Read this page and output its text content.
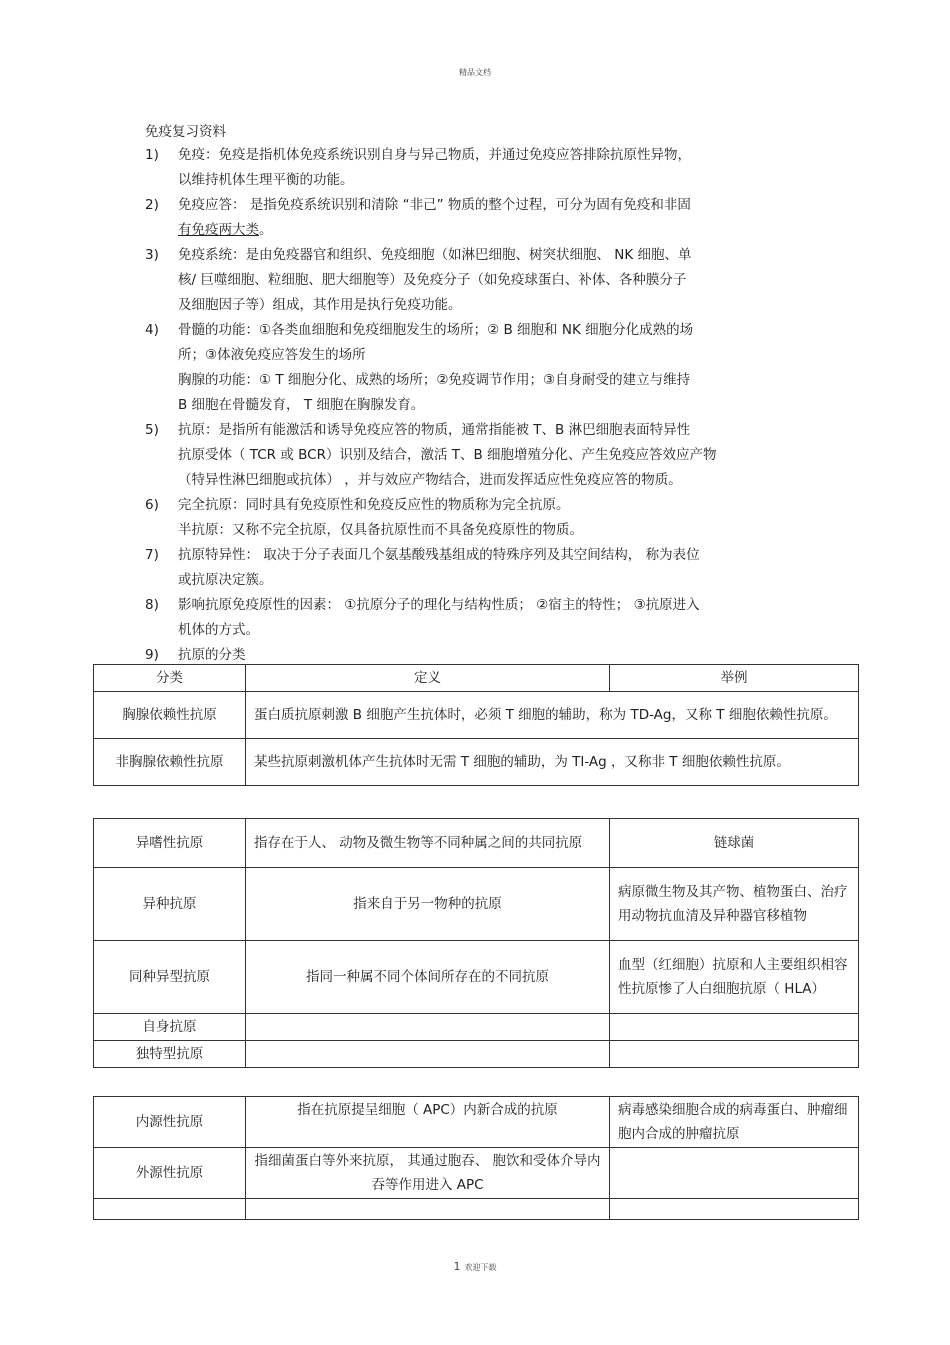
精品文档
免疫复习资料
1) 免疫：免疫是指机体免疫系统识别自身与异己物质，并通过免疫应答排除抗原性异物，

以维持机体生理平衡的功能。

2) 免疫应答： 是指免疫系统识别和清除 “非己” 物质的整个过程，可分为固有免疫和非固

有免疫两大类。

3) 免疫系统：是由免疫器官和组织、免疫细胞（如淋巴细胞、树突状细胞、 NK 细胞、单

核/ 巨噬细胞、粒细胞、肥大细胞等）及免疫分子（如免疫球蛋白、补体、各种膜分子

及细胞因子等）组成，其作用是执行免疫功能。

4) 骨髓的功能：①各类血细胞和免疫细胞发生的场所；② B 细胞和 NK 细胞分化成熟的场

所；③体液免疫应答发生的场所

胸腺的功能：① T 细胞分化、成熟的场所；②免疫调节作用；③自身耐受的建立与维持

B 细胞在骨髓发育， T 细胞在胸腺发育。

5) 抗原：是指所有能激活和诱导免疫应答的物质，通常指能被 T、B 淋巴细胞表面特异性

抗原受体（ TCR 或 BCR）识别及结合，激活 T、B 细胞增殖分化、产生免疫应答效应产物

（特异性淋巴细胞或抗体） ，并与效应产物结合，进而发挥适应性免疫应答的物质。

6) 完全抗原：同时具有免疫原性和免疫反应性的物质称为完全抗原。

半抗原：又称不完全抗原，仅具备抗原性而不具备免疫原性的物质。

7) 抗原特异性： 取决于分子表面几个氨基酸残基组成的特殊序列及其空间结构， 称为表位

或抗原决定簇。

8) 影响抗原免疫原性的因素： ①抗原分子的理化与结构性质； ②宿主的特性； ③抗原进入

机体的方式。

9) 抗原的分类

分类	定义	举例
胸腺依赖性抗原	蛋白质抗原刺激 B 细胞产生抗体时，必须 T 细胞的辅助，称为 TD-Ag，又称 T 细胞依赖性抗原。	
非胸腺依赖性抗原	某些抗原刺激机体产生抗体时无需 T 细胞的辅助，为 TI-Ag ，又称非 T 细胞依赖性抗原。	
异嗜性抗原	指存在于人、 动物及微生物等不同种属之间的共同抗原	链球菌
异种抗原	指来自于另一物种的抗原	病原微生物及其产物、植物蛋白、治疗用动物抗血清及异种器官移植物
同种异型抗原	指同一种属不同个体间所存在的不同抗原	血型（红细胞）抗原和人主要组织相容性抗原惨了人白细胞抗原（ HLA）
自身抗原		
独特型抗原		
内源性抗原	指在抗原提呈细胞（ APC）内新合成的抗原	病毒感染细胞合成的病毒蛋白、肿瘤细胞内合成的肿瘤抗原
外源性抗原	指细菌蛋白等外来抗原， 其通过胞吞、 胞饮和受体介导内吞等作用进入 APC	

1 欢迎下载
